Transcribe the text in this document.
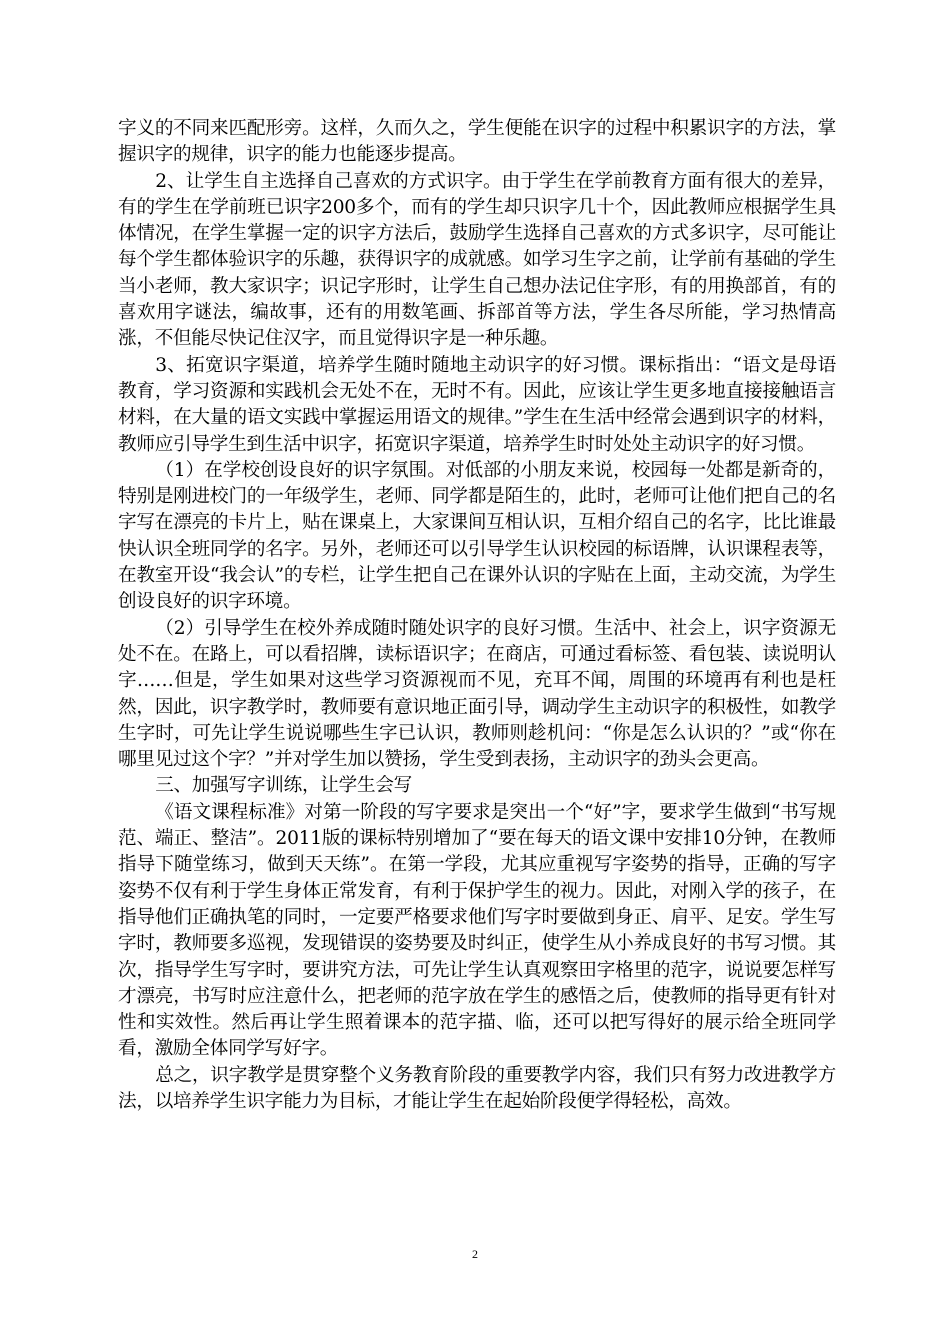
字义的不同来匹配形旁。这样，久而久之，学生便能在识字的过程中积累识字的方法，掌握识字的规律，识字的能力也能逐步提高。

2、让学生自主选择自己喜欢的方式识字。由于学生在学前教育方面有很大的差异，有的学生在学前班已识字200多个，而有的学生却只识字几十个，因此教师应根据学生具体情况，在学生掌握一定的识字方法后，鼓励学生选择自己喜欢的方式多识字，尽可能让每个学生都体验识字的乐趣，获得识字的成就感。如学习生字之前，让学前有基础的学生当小老师，教大家识字；识记字形时，让学生自己想办法记住字形，有的用换部首，有的喜欢用字谜法，编故事，还有的用数笔画、拆部首等方法，学生各尽所能，学习热情高涨，不但能尽快记住汉字，而且觉得识字是一种乐趣。

3、拓宽识字渠道，培养学生随时随地主动识字的好习惯。课标指出：“语文是母语教育，学习资源和实践机会无处不在，无时不有。因此，应该让学生更多地直接接触语言材料，在大量的语文实践中掌握运用语文的规律。”学生在生活中经常会遇到识字的材料，教师应引导学生到生活中识字，拓宽识字渠道，培养学生时时处处主动识字的好习惯。

（1）在学校创设良好的识字氛围。对低部的小朋友来说，校园每一处都是新奇的，特别是刚进校门的一年级学生，老师、同学都是陌生的，此时，老师可让他们把自己的名字写在漂亮的卡片上，贴在课桌上，大家课间互相认识，互相介绍自己的名字，比比谁最快认识全班同学的名字。另外，老师还可以引导学生认识校园的标语牌，认识课程表等，在教室开设“我会认”的专栏，让学生把自己在课外认识的字贴在上面，主动交流，为学生创设良好的识字环境。

（2）引导学生在校外养成随时随处识字的良好习惯。生活中、社会上，识字资源无处不在。在路上，可以看招牌，读标语识字；在商店，可通过看标签、看包装、读说明认字……但是，学生如果对这些学习资源视而不见，充耳不闻，周围的环境再有利也是枉然，因此，识字教学时，教师要有意识地正面引导，调动学生主动识字的积极性，如教学生字时，可先让学生说说哪些生字已认识，教师则趁机问：“你是怎么认识的？”或“你在哪里见过这个字？”并对学生加以赞扬，学生受到表扬，主动识字的劲头会更高。

三、加强写字训练，让学生会写

《语文课程标准》对第一阶段的写字要求是突出一个“好”字，要求学生做到“书写规范、端正、整洁”。2011版的课标特别增加了“要在每天的语文课中安排10分钟，在教师指导下随堂练习，做到天天练”。在第一学段，尤其应重视写字姿势的指导，正确的写字姿势不仅有利于学生身体正常发育，有利于保护学生的视力。因此，对刚入学的孩子，在指导他们正确执笔的同时，一定要严格要求他们写字时要做到身正、肩平、足安。学生写字时，教师要多巡视，发现错误的姿势要及时纠正，使学生从小养成良好的书写习惯。其次，指导学生写字时，要讲究方法，可先让学生认真观察田字格里的范字，说说要怎样写才漂亮，书写时应注意什么，把老师的范字放在学生的感悟之后，使教师的指导更有针对性和实效性。然后再让学生照着课本的范字描、临，还可以把写得好的展示给全班同学看，激励全体同学写好字。

总之，识字教学是贯穿整个义务教育阶段的重要教学内容，我们只有努力改进教学方法，以培养学生识字能力为目标，才能让学生在起始阶段便学得轻松，高效。

2
